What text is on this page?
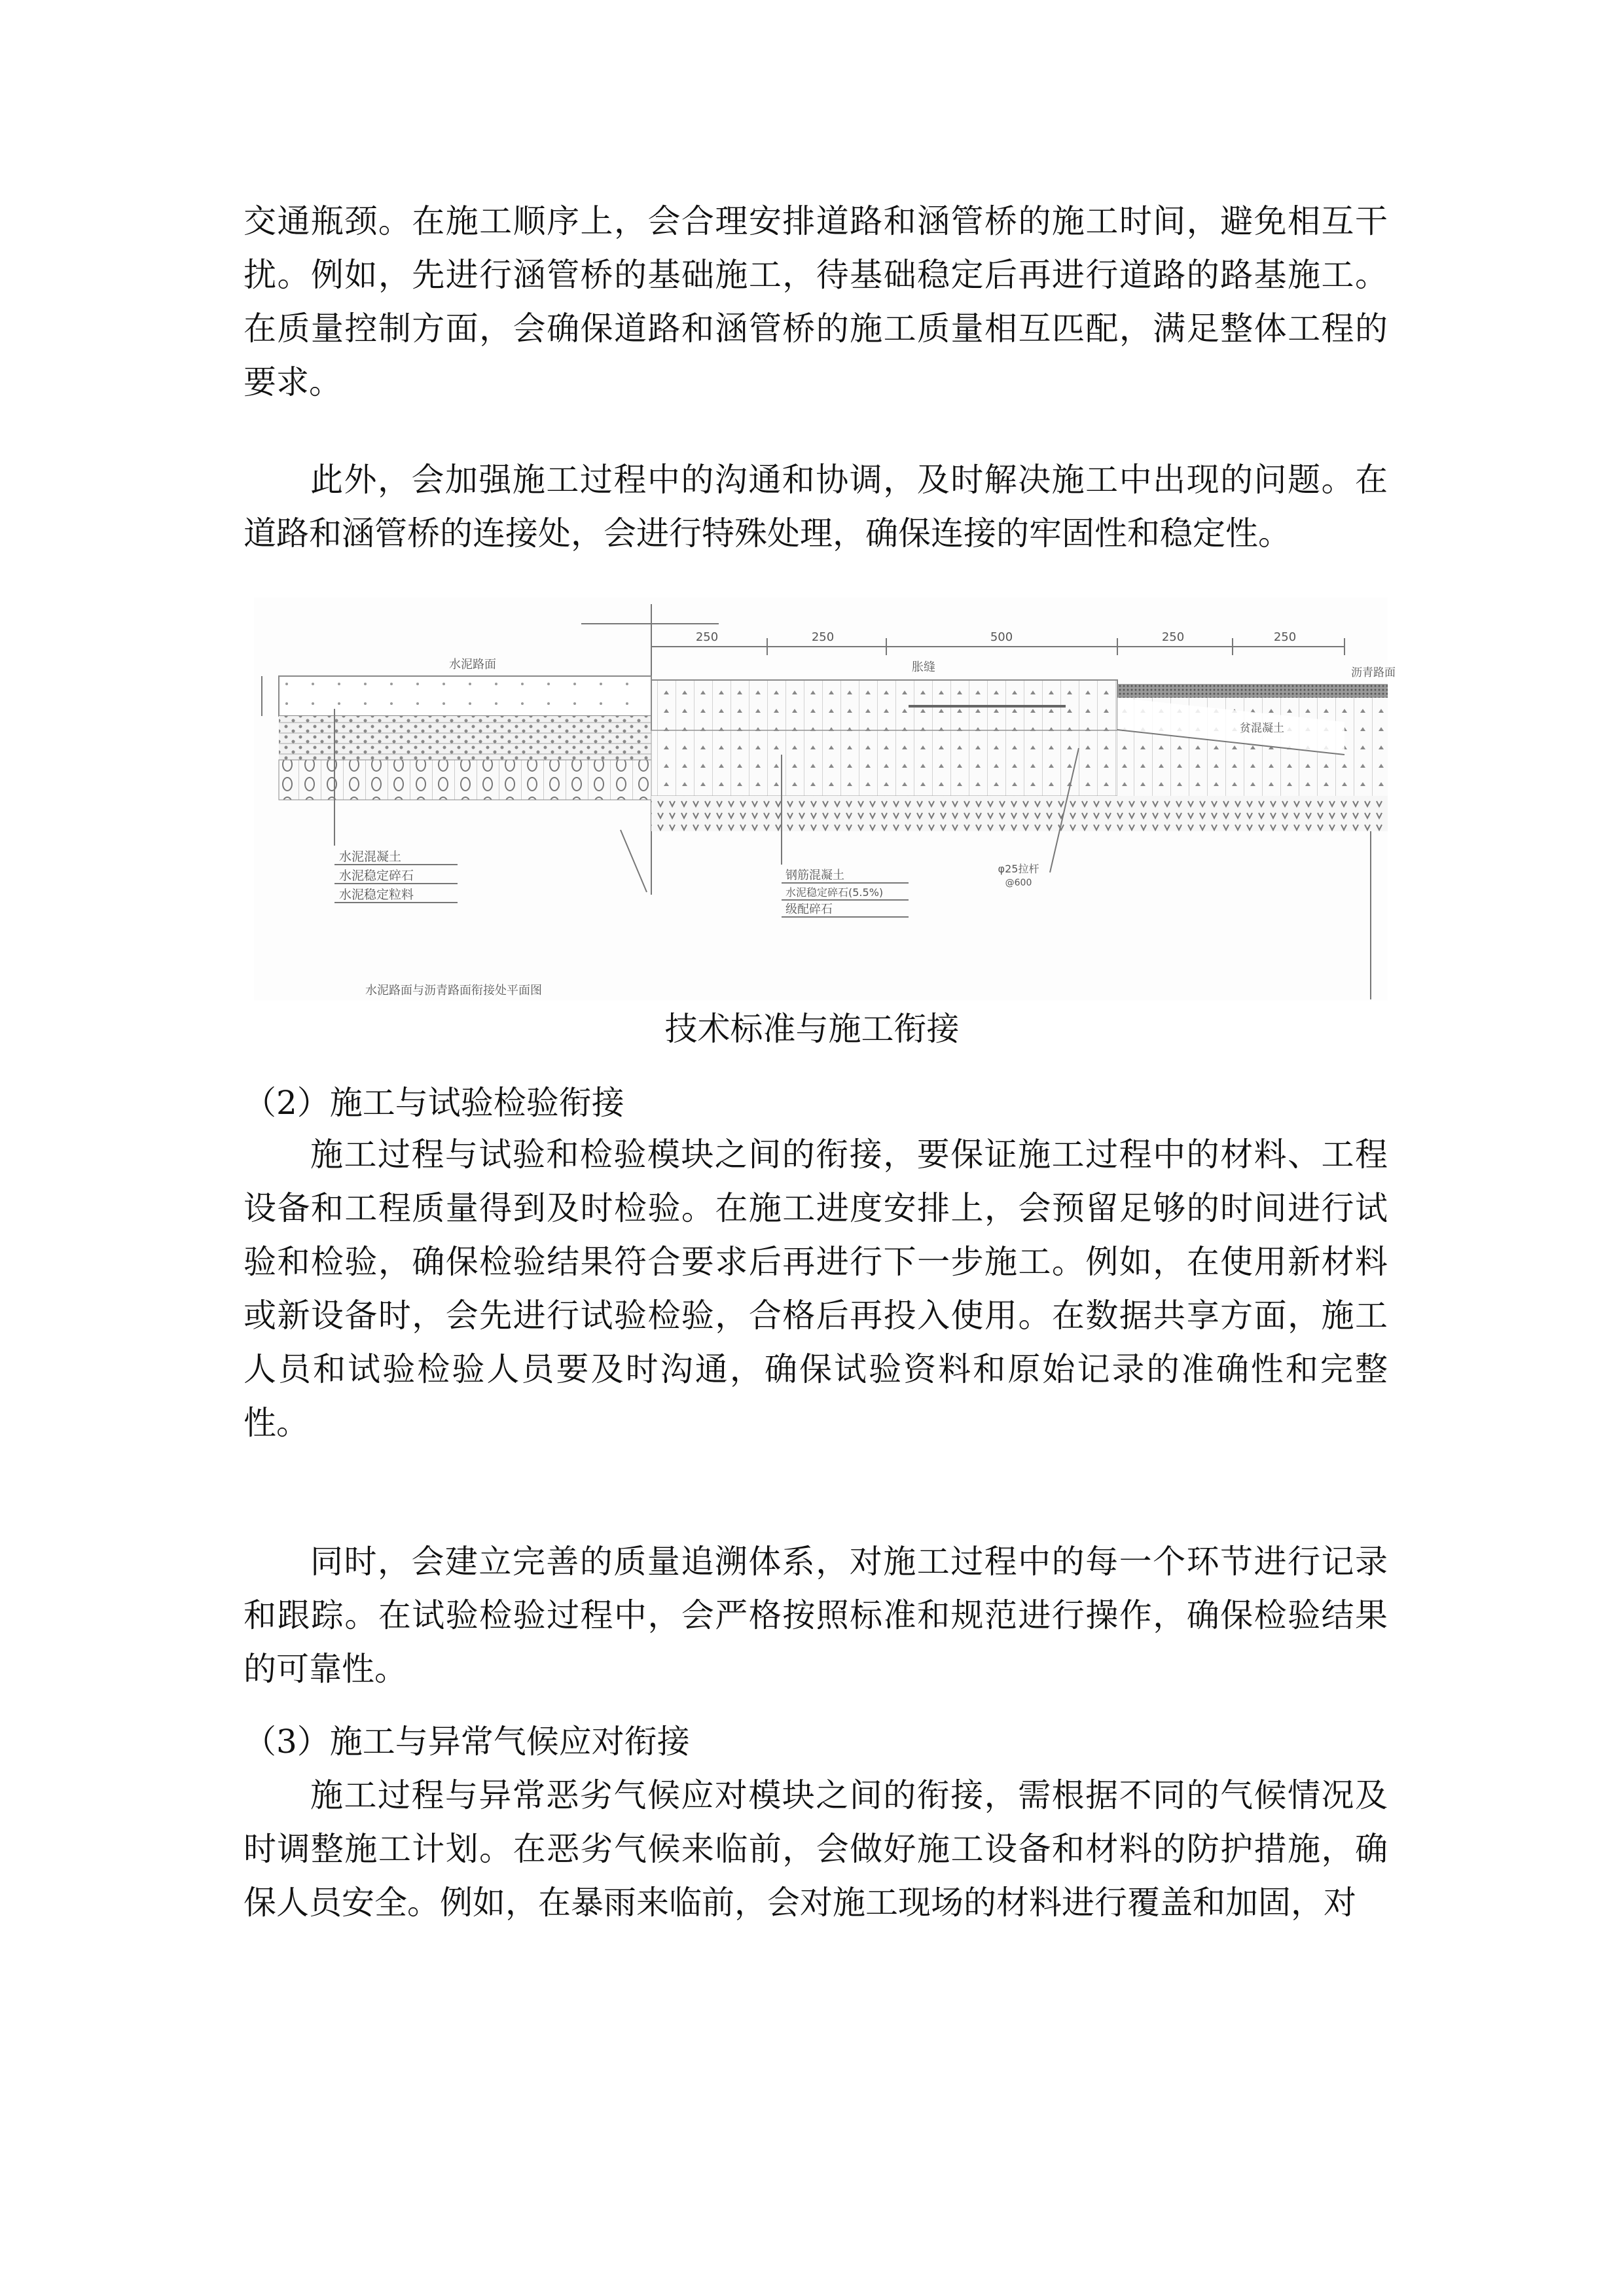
交通瓶颈。在施工顺序上，会合理安排道路和涵管桥的施工时间，避免相互干
扰。例如，先进行涵管桥的基础施工，待基础稳定后再进行道路的路基施工。
在质量控制方面，会确保道路和涵管桥的施工质量相互匹配，满足整体工程的
要求。
此外，会加强施工过程中的沟通和协调，及时解决施工中出现的问题。在
道路和涵管桥的连接处，会进行特殊处理，确保连接的牢固性和稳定性。
（2）施工与试验检验衔接
施工过程与试验和检验模块之间的衔接，要保证施工过程中的材料、工程
设备和工程质量得到及时检验。在施工进度安排上，会预留足够的时间进行试
验和检验，确保检验结果符合要求后再进行下一步施工。例如，在使用新材料
或新设备时，会先进行试验检验，合格后再投入使用。在数据共享方面，施工
人员和试验检验人员要及时沟通，确保试验资料和原始记录的准确性和完整
性。
同时，会建立完善的质量追溯体系，对施工过程中的每一个环节进行记录
和跟踪。在试验检验过程中，会严格按照标准和规范进行操作，确保检验结果
的可靠性。
（3）施工与异常气候应对衔接
施工过程与异常恶劣气候应对模块之间的衔接，需根据不同的气候情况及
时调整施工计划。在恶劣气候来临前，会做好施工设备和材料的防护措施，确
保人员安全。例如，在暴雨来临前，会对施工现场的材料进行覆盖和加固，对
250	250	500	250	250
水泥路面	胀缝
贫混凝土
沥青路面
水泥混凝土
水泥稳定碎石
水泥稳定粒料
钢筋混凝土
水泥稳定碎石(5.5%)
级配碎石
φ25拉杆
@600
水泥路面与沥青路面衔接处平面图
技术标准与施工衔接
